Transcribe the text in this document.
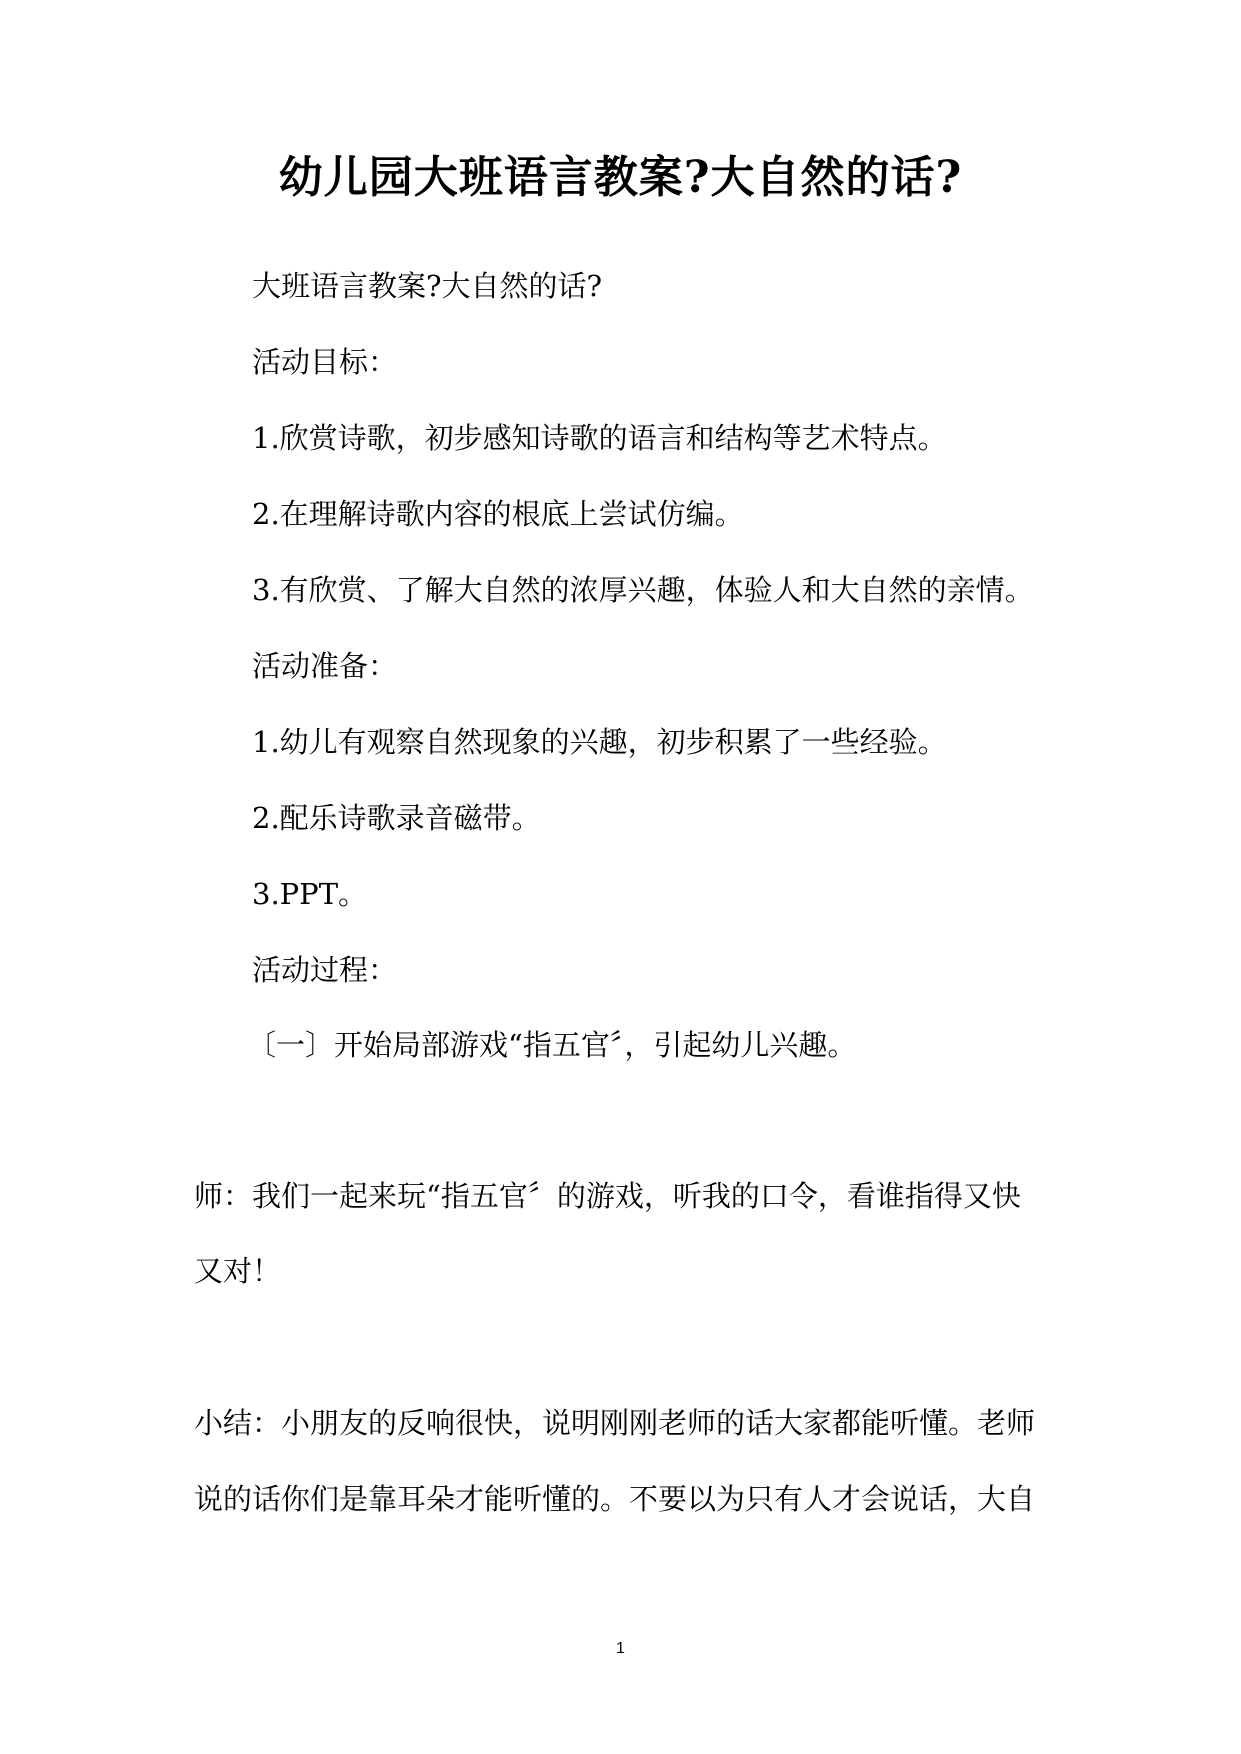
幼儿园大班语言教案?大自然的话?
大班语言教案?大自然的话?
活动目标：
1.欣赏诗歌，初步感知诗歌的语言和结构等艺术特点。
2.在理解诗歌内容的根底上尝试仿编。
3.有欣赏、了解大自然的浓厚兴趣，体验人和大自然的亲情。
活动准备：
1.幼儿有观察自然现象的兴趣，初步积累了一些经验。
2.配乐诗歌录音磁带。
3.PPT。
活动过程：
〔一〕开始局部游戏“指五官〞，引起幼儿兴趣。
师：我们一起来玩“指五官〞的游戏，听我的口令，看谁指得又快
又对！
小结：小朋友的反响很快，说明刚刚老师的话大家都能听懂。老师
说的话你们是靠耳朵才能听懂的。不要以为只有人才会说话，大自
1
